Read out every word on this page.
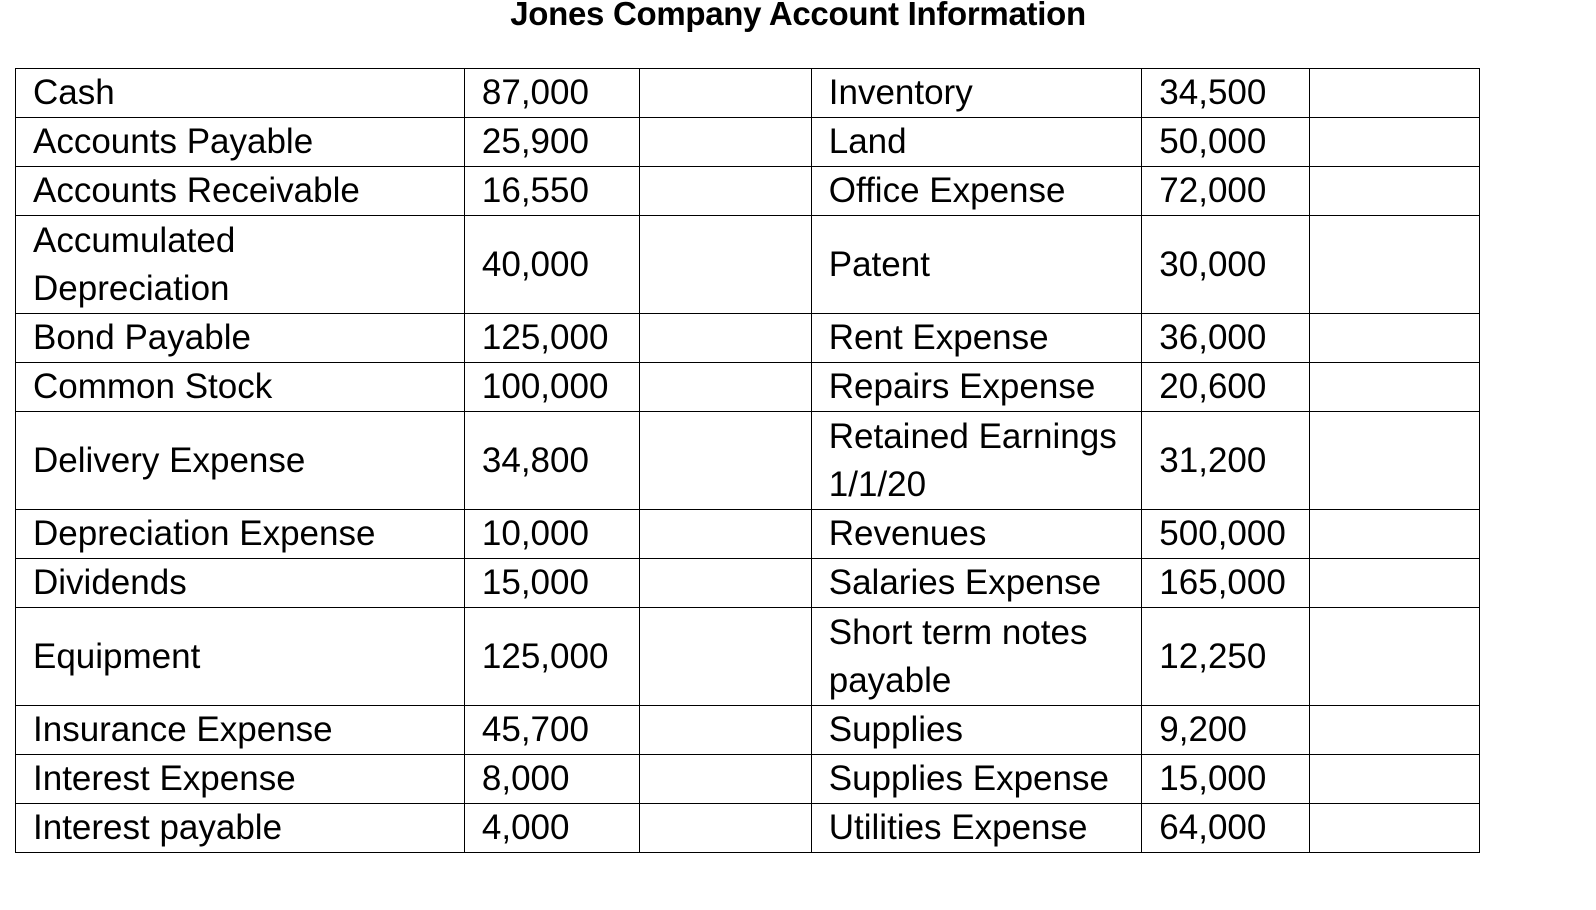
Jones Company Account Information
Cash	87,000		Inventory	34,500	
Accounts Payable	25,900		Land	50,000	
Accounts Receivable	16,550		Office Expense	72,000	
Accumulated Depreciation	40,000		Patent	30,000	
Bond Payable	125,000		Rent Expense	36,000	
Common Stock	100,000		Repairs Expense	20,600	
Delivery Expense	34,800		Retained Earnings 1/1/20	31,200	
Depreciation Expense	10,000		Revenues	500,000	
Dividends	15,000		Salaries Expense	165,000	
Equipment	125,000		Short term notes payable	12,250	
Insurance Expense	45,700		Supplies	9,200	
Interest Expense	8,000		Supplies Expense	15,000	
Interest payable	4,000		Utilities Expense	64,000	
